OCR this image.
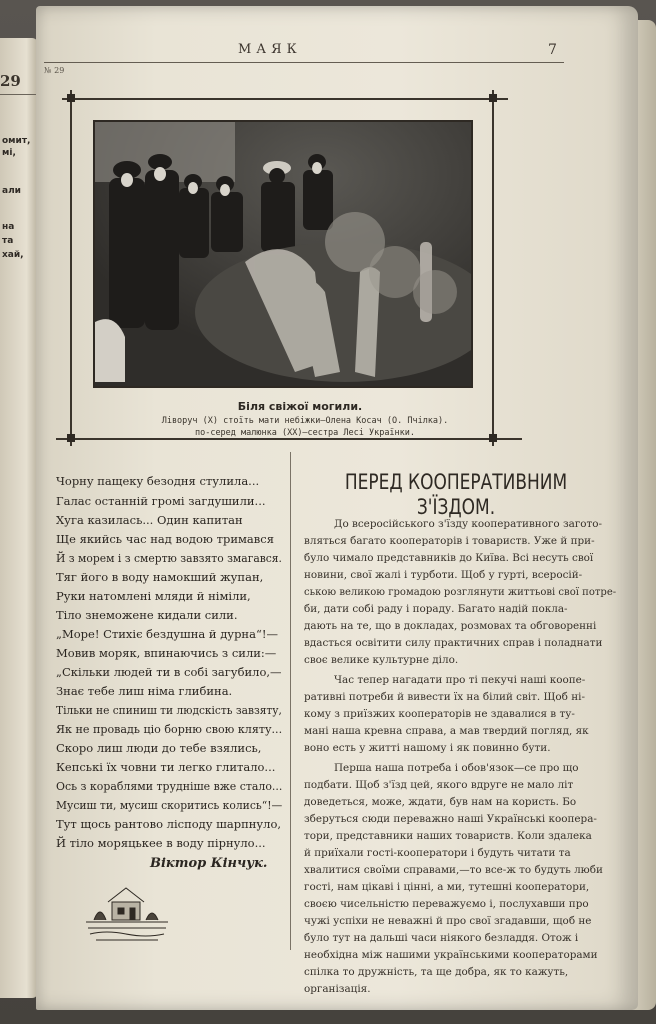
29
омит,
мі,
али
на
та
хай,
МАЯК	7
№ 29
Біля свіжої могили.
Ліворуч (X) стоїть мати небіжки—Олена Косач (О. Пчілка).
по-серед малюнка (XX)—сестра Лесі Українки.
Чорну пащеку безодня стулила...
Галас останній громі загдушили...
Хуга казилась... Один капитан
Ще якийсь час над водою тримався
Й з морем і з смертю завзято змагався.
Тяг його в воду намокший жупан,
Руки натомлені мляди й німіли,
Тіло знеможене кидали сили.
„Море! Стихіє бездушна й дурна“!—
Мовив моряк, впинаючись з сили:—
„Скільки людей ти в собі загубило,—
Знає тебе лиш німа глибина.
Тільки не спиниш ти людскість завзяту,
Як не провадь ціо борню свою кляту...
Скоро лиш люди до тебе взялись,
Кепські їх човни ти легко глитало...
Ось з кораблями трудніше вже стало...
Мусиш ти, мусиш скоритись колись“!—
Тут щось рантово лісподу шарпнуло,
Й тіло моряцькее в воду пірнуло...
Віктор Кінчук.
ПЕРЕД КООПЕРАТИВНИМ З'ЇЗДОМ.
До всеросійського з'їзду кооперативного загото-
вляться багато кооператорів і товариств. Уже й при-
було чимало представників до Київа. Всі несуть свої
новини, свої жалі і турботи. Щоб у гурті, всеросій-
ською великою громадою розглянути життьові свої потре-
би, дати собі раду і пораду. Багато надій покла-
дають на те, що в докладах, розмовах та обговоренні
вдасться освітити силу практичних справ і поладнати
своє велике культурне діло.
Час тепер нагадати про ті пекучі наші коопе-
ративні потреби й вивести їх на білий світ. Щоб ні-
кому з приїзжих кооператорів не здавалися в ту-
мані наша кревна справа, а мав твердий погляд, як
воно есть у житті нашому і як повинно бути.
Перша наша потреба і обов'язок—се про що
подбати. Щоб з'їзд цей, якого вдруге не мало літ
доведеться, може, ждати, був нам на користь. Бо
зберуться сюди переважно наші Українські коопера-
тори, представники наших товариств. Коли здалека
й приїхали гості-кооператори і будуть читати та
хвалитися своїми справами,—то все-ж то будуть люби
гості, нам цікаві і цінні, а ми, тутешні кооператори,
своєю чисельністю переважуємо і, послухавши про
чужі успіхи не неважні й про свої згадавши, щоб не
було тут на дальші часи ніякого безладдя. Отож і
необхідна між нашими українськими кооператорами
спілка то дружність, та ще добра, як то кажуть,
організація.
